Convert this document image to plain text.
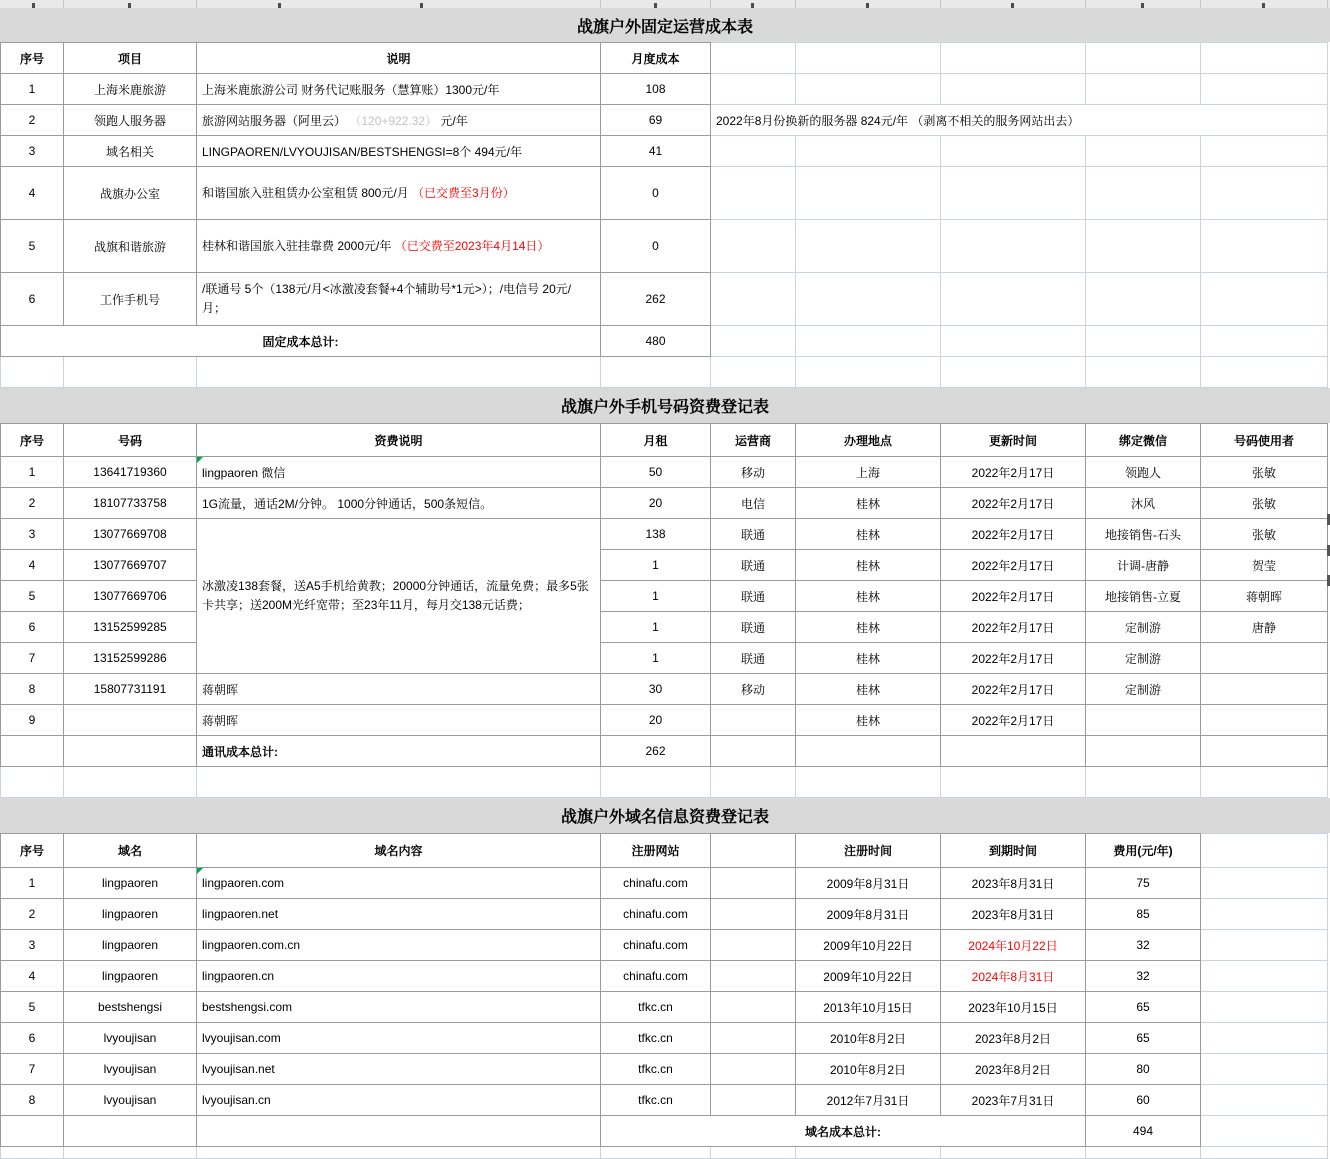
战旗户外固定运营成本表
序号	项目	说明	月度成本					
1	上海米鹿旅游	上海米鹿旅游公司 财务代记账服务（慧算账）1300元/年	108					
2	领跑人服务器	旅游网站服务器（阿里云） （120+922.32） 元/年	69	2022年8月份换新的服务器 824元/年 （剥离不相关的服务网站出去）				
3	域名相关	LINGPAOREN/LVYOUJISAN/BESTSHENGSI=8个 494元/年	41					
4	战旗办公室	和谐国旅入驻租赁办公室租赁 800元/月 （已交费至3月份）	0					
5	战旗和谐旅游	桂林和谐国旅入驻挂靠费 2000元/年 （已交费至2023年4月14日）	0					
6	工作手机号	/联通号 5个（138元/月<冰激凌套餐+4个辅助号*1元>）；/电信号 20元/月；	262					
固定成本总计:			480					

战旗户外手机号码资费登记表
序号	号码	资费说明	月租	运营商	办理地点	更新时间	绑定微信	号码使用者
1	13641719360	lingpaoren 微信	50	移动	上海	2022年2月17日	领跑人	张敏
2	18107733758	1G流量，通话2M/分钟。 1000分钟通话，500条短信。	20	电信	桂林	2022年2月17日	沐风	张敏
3	13077669708	冰激凌138套餐，送A5手机给黄教；20000分钟通话，流量免费；最多5张卡共享；送200M光纤宽带；至23年11月，每月交138元话费；	138	联通	桂林	2022年2月17日	地接销售-石头	张敏
4	13077669707		1	联通	桂林	2022年2月17日	计调-唐静	贺莹
5	13077669706		1	联通	桂林	2022年2月17日	地接销售-立夏	蒋朝晖
6	13152599285		1	联通	桂林	2022年2月17日	定制游	唐静
7	13152599286		1	联通	桂林	2022年2月17日	定制游	
8	15807731191	蒋朝晖	30	移动	桂林	2022年2月17日	定制游	
9		蒋朝晖	20		桂林	2022年2月17日		
		通讯成本总计:	262					

战旗户外域名信息资费登记表
序号	域名	域名内容	注册网站		注册时间	到期时间	费用(元/年)	
1	lingpaoren	lingpaoren.com	chinafu.com		2009年8月31日	2023年8月31日	75	
2	lingpaoren	lingpaoren.net	chinafu.com		2009年8月31日	2023年8月31日	85	
3	lingpaoren	lingpaoren.com.cn	chinafu.com		2009年10月22日	2024年10月22日	32	
4	lingpaoren	lingpaoren.cn	chinafu.com		2009年10月22日	2024年8月31日	32	
5	bestshengsi	bestshengsi.com	tfkc.cn		2013年10月15日	2023年10月15日	65	
6	lvyoujisan	lvyoujisan.com	tfkc.cn		2010年8月2日	2023年8月2日	65	
7	lvyoujisan	lvyoujisan.net	tfkc.cn		2010年8月2日	2023年8月2日	80	
8	lvyoujisan	lvyoujisan.cn	tfkc.cn		2012年7月31日	2023年7月31日	60	
			域名成本总计:				494	
